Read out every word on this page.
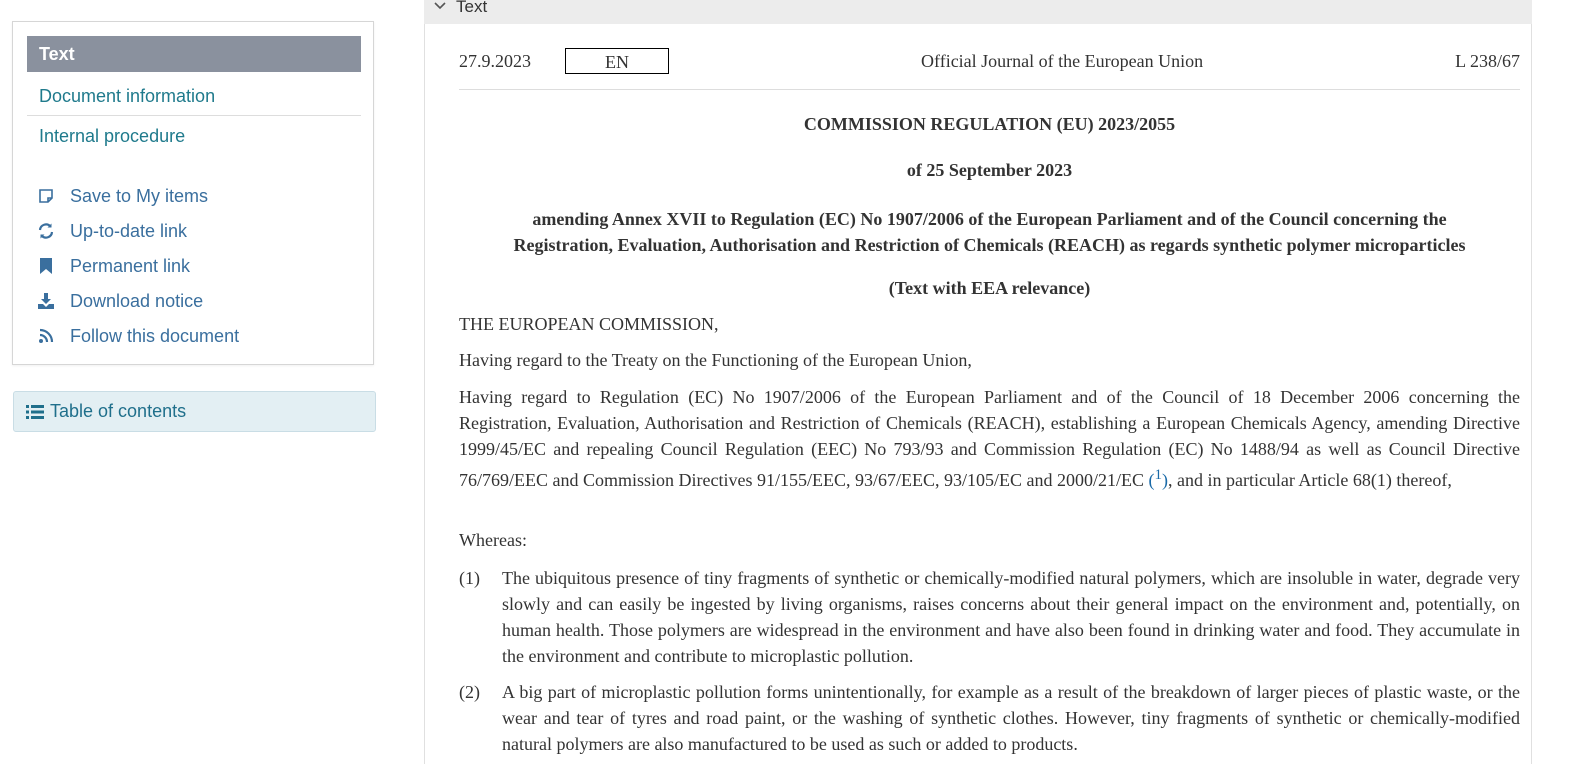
Text
Document information
Internal procedure
Save to My items
Up-to-date link
Permanent link
Download notice
Follow this document
Table of contents
Text
27.9.2023	EN	Official Journal of the European Union	L 238/67
COMMISSION REGULATION (EU) 2023/2055
of 25 September 2023
amending Annex XVII to Regulation (EC) No 1907/2006 of the European Parliament and of the Council concerning the
Registration, Evaluation, Authorisation and Restriction of Chemicals (REACH) as regards synthetic polymer microparticles
(Text with EEA relevance)
THE EUROPEAN COMMISSION,
Having regard to the Treaty on the Functioning of the European Union,
Having regard to Regulation (EC) No 1907/2006 of the European Parliament and of the Council of 18 December 2006 concerning the Registration, Evaluation, Authorisation and Restriction of Chemicals (REACH), establishing a European Chemicals Agency, amending Directive 1999/45/EC and repealing Council Regulation (EEC) No 793/93 and Commission Regulation (EC) No 1488/94 as well as Council Directive 76/769/EEC and Commission Directives 91/155/EEC, 93/67/EEC, 93/105/EC and 2000/21/EC ($^1$), and in particular Article 68(1) thereof,
Whereas:
(1)	The ubiquitous presence of tiny fragments of synthetic or chemically-modified natural polymers, which are insoluble in water, degrade very slowly and can easily be ingested by living organisms, raises concerns about their general impact on the environment and, potentially, on human health. Those polymers are widespread in the environment and have also been found in drinking water and food. They accumulate in the environment and contribute to microplastic pollution.
(2)	A big part of microplastic pollution forms unintentionally, for example as a result of the breakdown of larger pieces of plastic waste, or the wear and tear of tyres and road paint, or the washing of synthetic clothes. However, tiny fragments of synthetic or chemically-modified natural polymers are also manufactured to be used as such or added to products.
